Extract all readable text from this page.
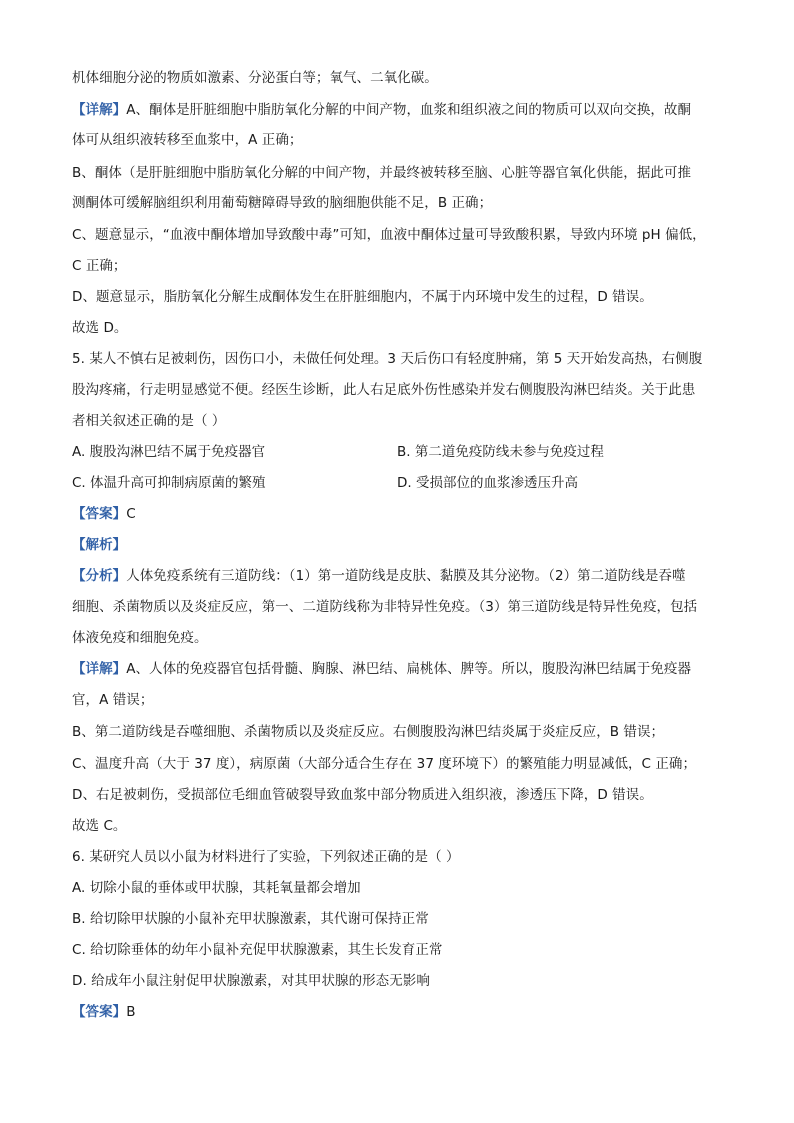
机体细胞分泌的物质如激素、分泌蛋白等；氧气、二氧化碳。
【详解】A、酮体是肝脏细胞中脂肪氧化分解的中间产物，血浆和组织液之间的物质可以双向交换，故酮
体可从组织液转移至血浆中，A 正确；
B、酮体（是肝脏细胞中脂肪氧化分解的中间产物，并最终被转移至脑、心脏等器官氧化供能，据此可推
测酮体可缓解脑组织利用葡萄糖障碍导致的脑细胞供能不足，B 正确；
C、题意显示，“血液中酮体增加导致酸中毒”可知，血液中酮体过量可导致酸积累，导致内环境 pH 偏低，
C 正确；
D、题意显示，脂肪氧化分解生成酮体发生在肝脏细胞内，不属于内环境中发生的过程，D 错误。
故选 D。
5. 某人不慎右足被刺伤，因伤口小，未做任何处理。3 天后伤口有轻度肿痛，第 5 天开始发高热，右侧腹
股沟疼痛，行走明显感觉不便。经医生诊断，此人右足底外伤性感染并发右侧腹股沟淋巴结炎。关于此患
者相关叙述正确的是（ ）
A. 腹股沟淋巴结不属于免疫器官	B. 第二道免疫防线未参与免疫过程
C. 体温升高可抑制病原菌的繁殖	D. 受损部位的血浆渗透压升高
【答案】C
【解析】
【分析】人体免疫系统有三道防线：（1）第一道防线是皮肤、黏膜及其分泌物。（2）第二道防线是吞噬
细胞、杀菌物质以及炎症反应，第一、二道防线称为非特异性免疫。（3）第三道防线是特异性免疫，包括
体液免疫和细胞免疫。
【详解】A、人体的免疫器官包括骨髓、胸腺、淋巴结、扁桃体、脾等。所以，腹股沟淋巴结属于免疫器
官，A 错误；
B、第二道防线是吞噬细胞、杀菌物质以及炎症反应。右侧腹股沟淋巴结炎属于炎症反应，B 错误；
C、温度升高（大于 37 度），病原菌（大部分适合生存在 37 度环境下）的繁殖能力明显减低，C 正确；
D、右足被刺伤，受损部位毛细血管破裂导致血浆中部分物质进入组织液，渗透压下降，D 错误。
故选 C。
6. 某研究人员以小鼠为材料进行了实验，下列叙述正确的是（ ）
A. 切除小鼠的垂体或甲状腺，其耗氧量都会增加
B. 给切除甲状腺的小鼠补充甲状腺激素，其代谢可保持正常
C. 给切除垂体的幼年小鼠补充促甲状腺激素，其生长发育正常
D. 给成年小鼠注射促甲状腺激素，对其甲状腺的形态无影响
【答案】B
